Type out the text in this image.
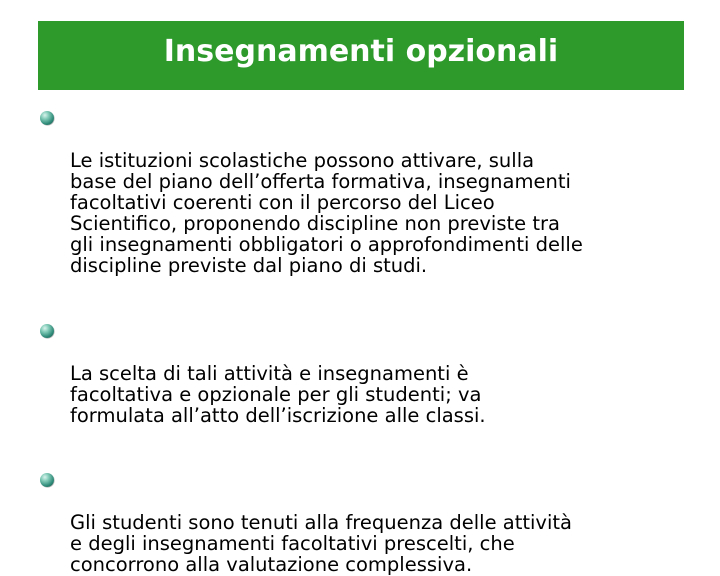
Insegnamenti opzionali

Le istituzioni scolastiche possono attivare, sulla
base del piano dell’offerta formativa, insegnamenti
facoltativi coerenti con il percorso del Liceo
Scientifico, proponendo discipline non previste tra
gli insegnamenti obbligatori o approfondimenti delle
discipline previste dal piano di studi.

La scelta di tali attività e insegnamenti è
facoltativa e opzionale per gli studenti; va
formulata all’atto dell’iscrizione alle classi.

Gli studenti sono tenuti alla frequenza delle attività
e degli insegnamenti facoltativi prescelti, che
concorrono alla valutazione complessiva.
